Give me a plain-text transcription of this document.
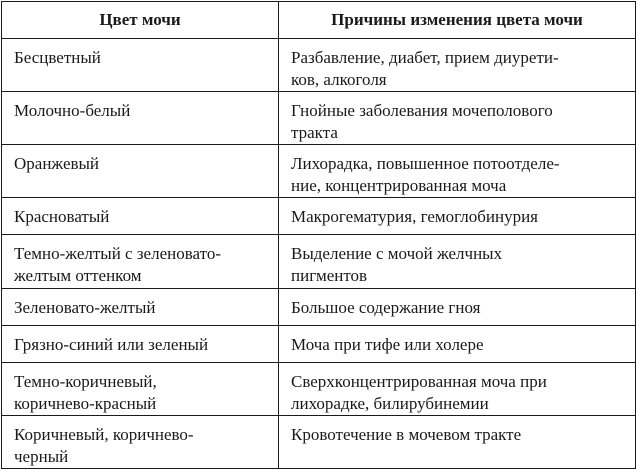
Цвет мочи	Причины изменения цвета мочи
Бесцветный	Разбавление, диабет, прием диурети-
ков, алкоголя
Молочно-белый	Гнойные заболевания мочеполового
тракта
Оранжевый	Лихорадка, повышенное потоотделе-
ние, концентрированная моча
Красноватый	Макрогематурия, гемоглобинурия
Темно-желтый с зеленовато-
желтым оттенком	Выделение с мочой желчных
пигментов
Зеленовато-желтый	Большое содержание гноя
Грязно-синий или зеленый	Моча при тифе или холере
Темно-коричневый,
коричнево-красный	Сверхконцентрированная моча при
лихорадке, билирубинемии
Коричневый, коричнево-
черный	Кровотечение в мочевом тракте
